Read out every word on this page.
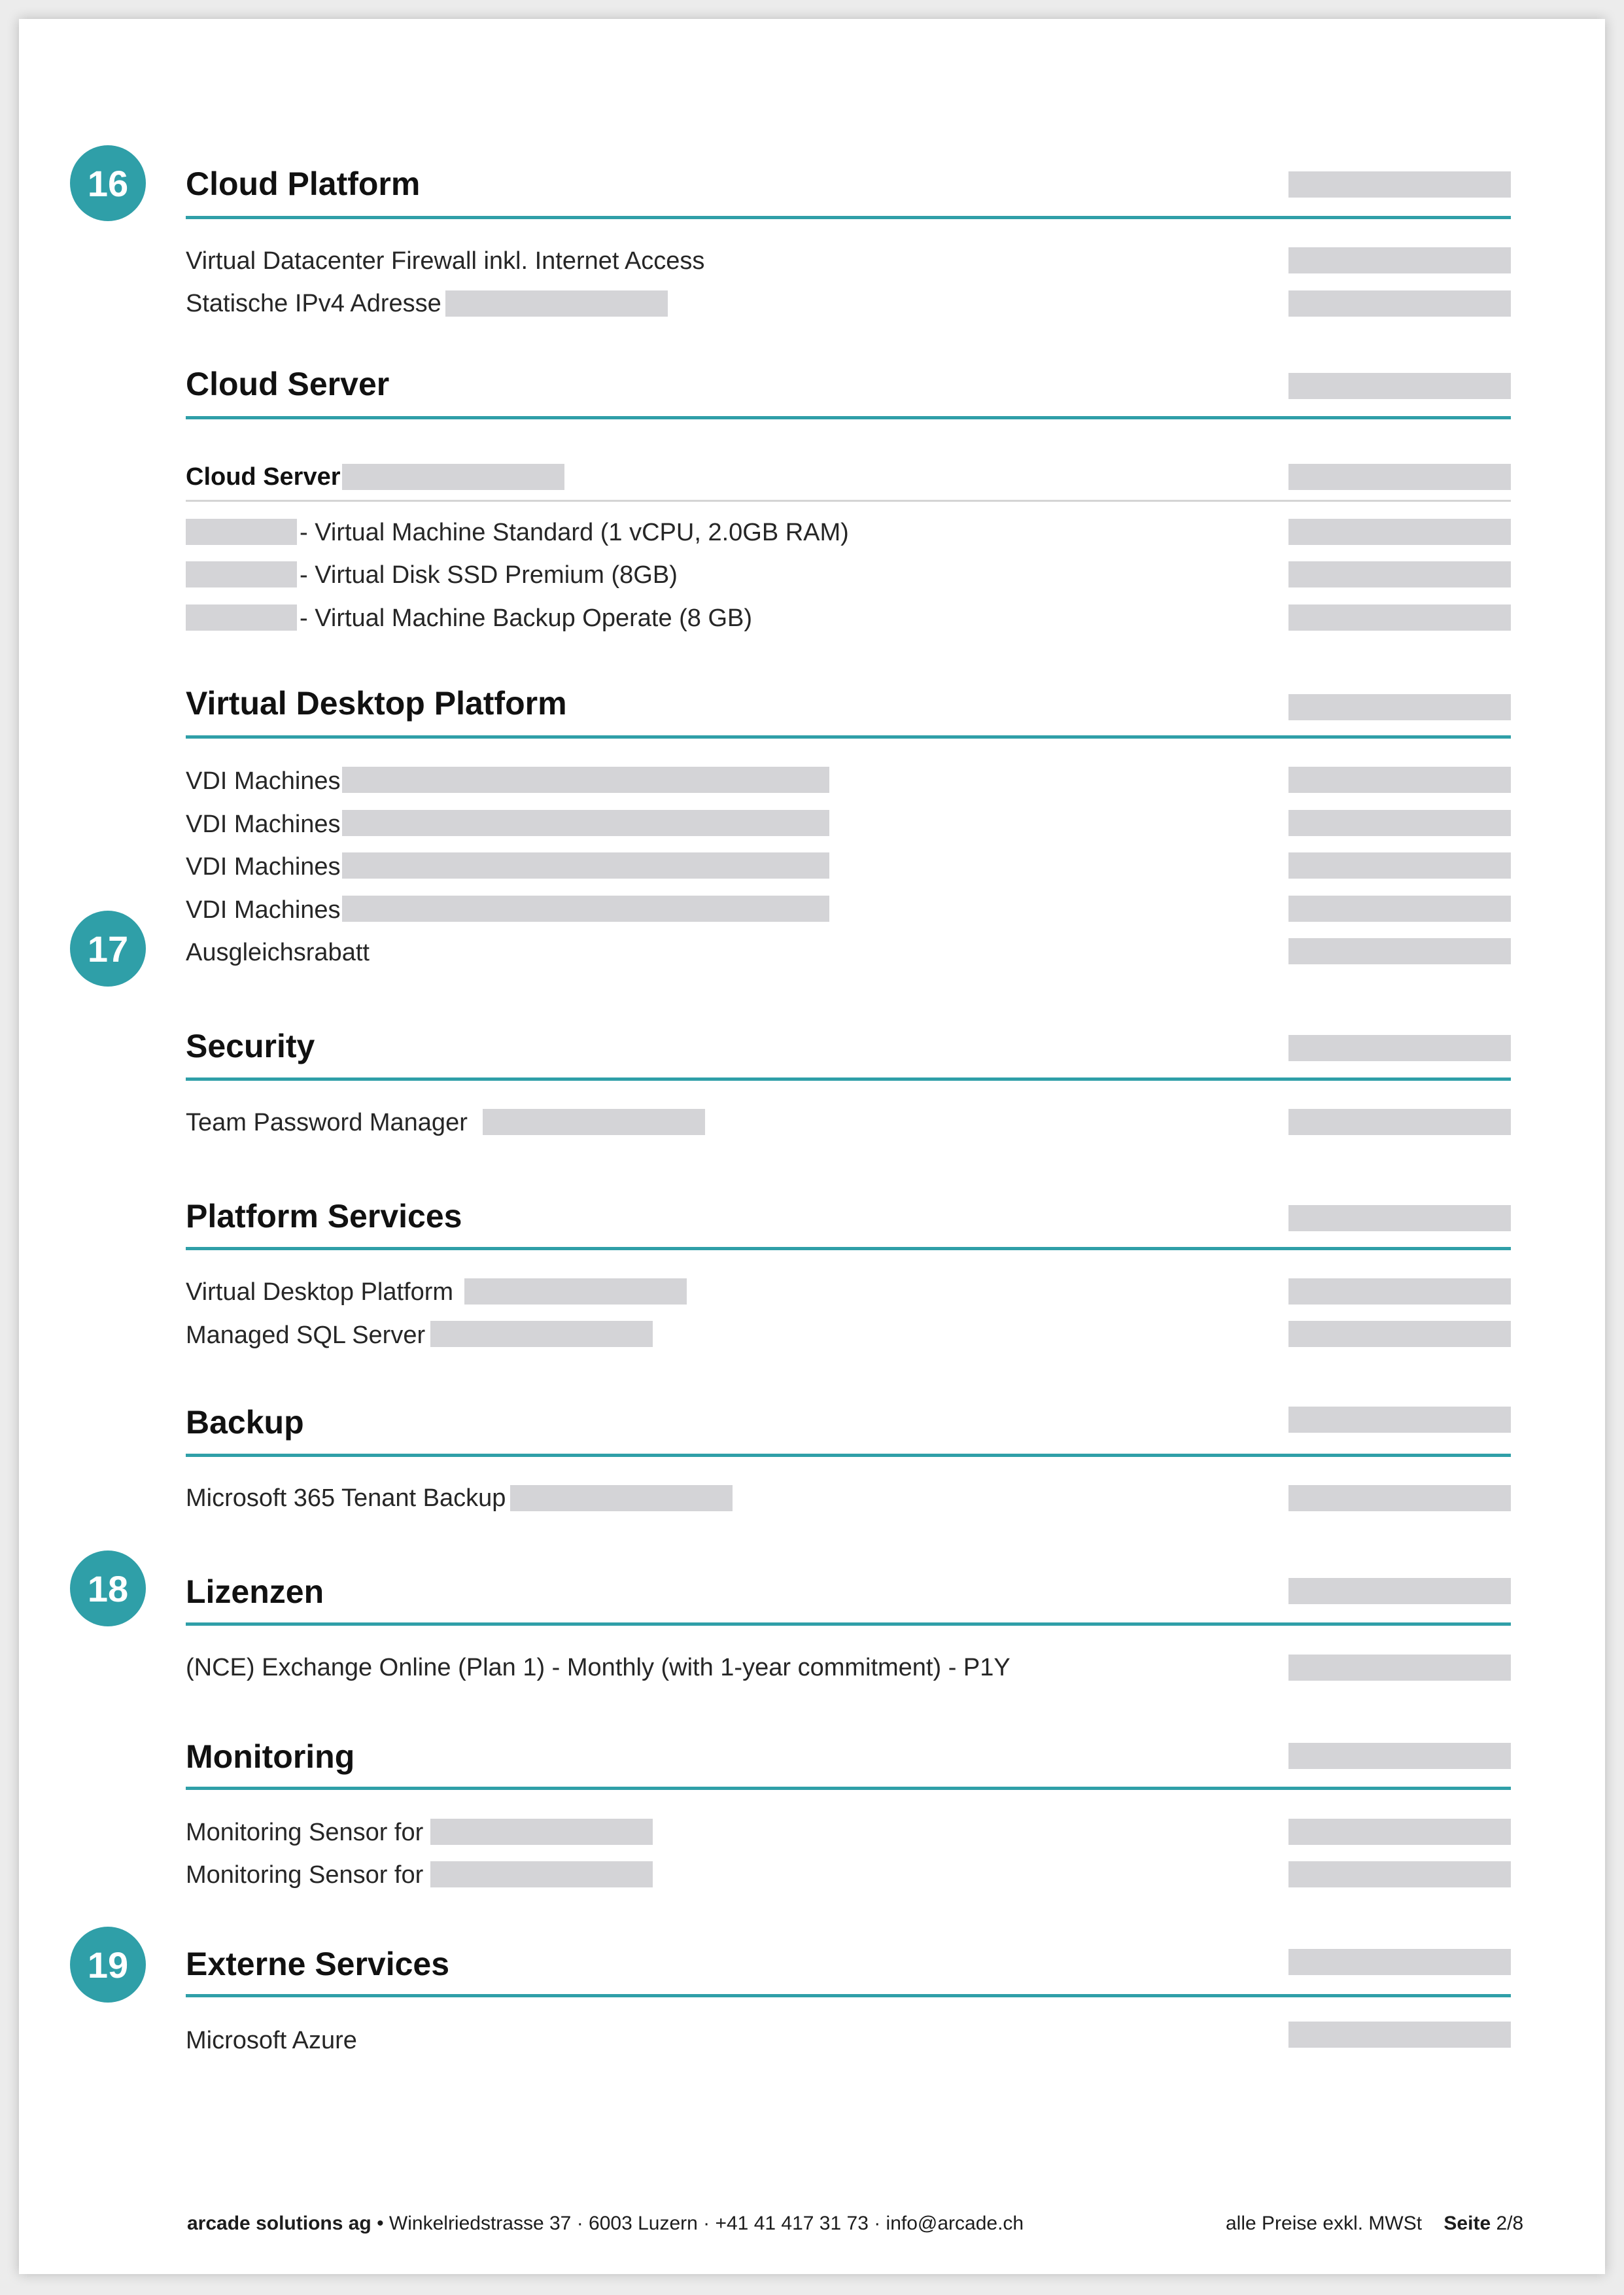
16	Cloud Platform
Virtual Datacenter Firewall inkl. Internet Access
Statische IPv4 Adresse
Cloud Server
Cloud Server
- Virtual Machine Standard (1 vCPU, 2.0GB RAM)
- Virtual Disk SSD Premium (8GB)
- Virtual Machine Backup Operate (8 GB)
Virtual Desktop Platform
VDI Machines
VDI Machines
VDI Machines
17
VDI Machines
Ausgleichsrabatt
Security
Team Password Manager
Platform Services
Virtual Desktop Platform
Managed SQL Server
Backup
Microsoft 365 Tenant Backup
18	Lizenzen
(NCE) Exchange Online (Plan 1) - Monthly (with 1-year commitment) - P1Y
Monitoring
Monitoring Sensor for
Monitoring Sensor for
19	Externe Services
Microsoft Azure
arcade solutions ag • Winkelriedstrasse 37 · 6003 Luzern · +41 41 417 31 73 · info@arcade.ch	alle Preise exkl. MWSt Seite 2/8
